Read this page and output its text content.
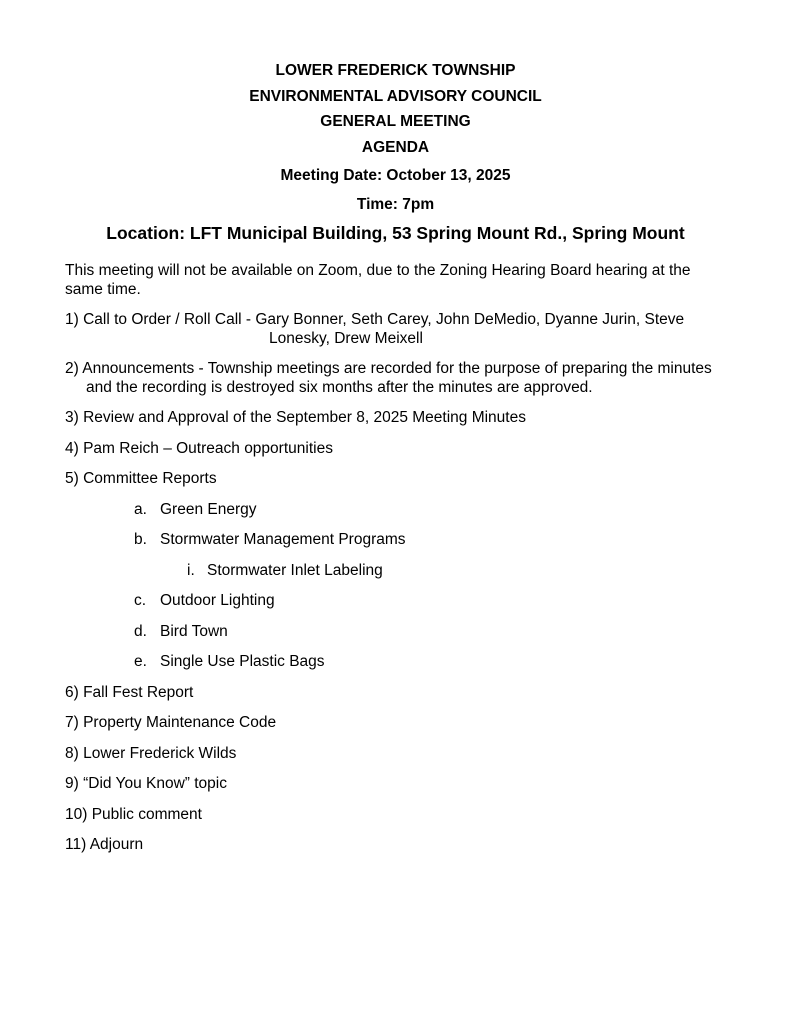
LOWER FREDERICK TOWNSHIP
ENVIRONMENTAL ADVISORY COUNCIL
GENERAL MEETING
AGENDA
Meeting Date: October 13, 2025
Time: 7pm
Location: LFT Municipal Building, 53 Spring Mount Rd., Spring Mount
This meeting will not be available on Zoom, due to the Zoning Hearing Board hearing at the
same time.
1) Call to Order / Roll Call - Gary Bonner, Seth Carey, John DeMedio, Dyanne Jurin, Steve
Lonesky, Drew Meixell
2) Announcements - Township meetings are recorded for the purpose of preparing the minutes
and the recording is destroyed six months after the minutes are approved.
3) Review and Approval of the September 8, 2025 Meeting Minutes
4) Pam Reich – Outreach opportunities
5) Committee Reports
a. Green Energy
b. Stormwater Management Programs
i. Stormwater Inlet Labeling
c. Outdoor Lighting
d. Bird Town
e. Single Use Plastic Bags
6) Fall Fest Report
7) Property Maintenance Code
8) Lower Frederick Wilds
9) “Did You Know” topic
10) Public comment
11) Adjourn
